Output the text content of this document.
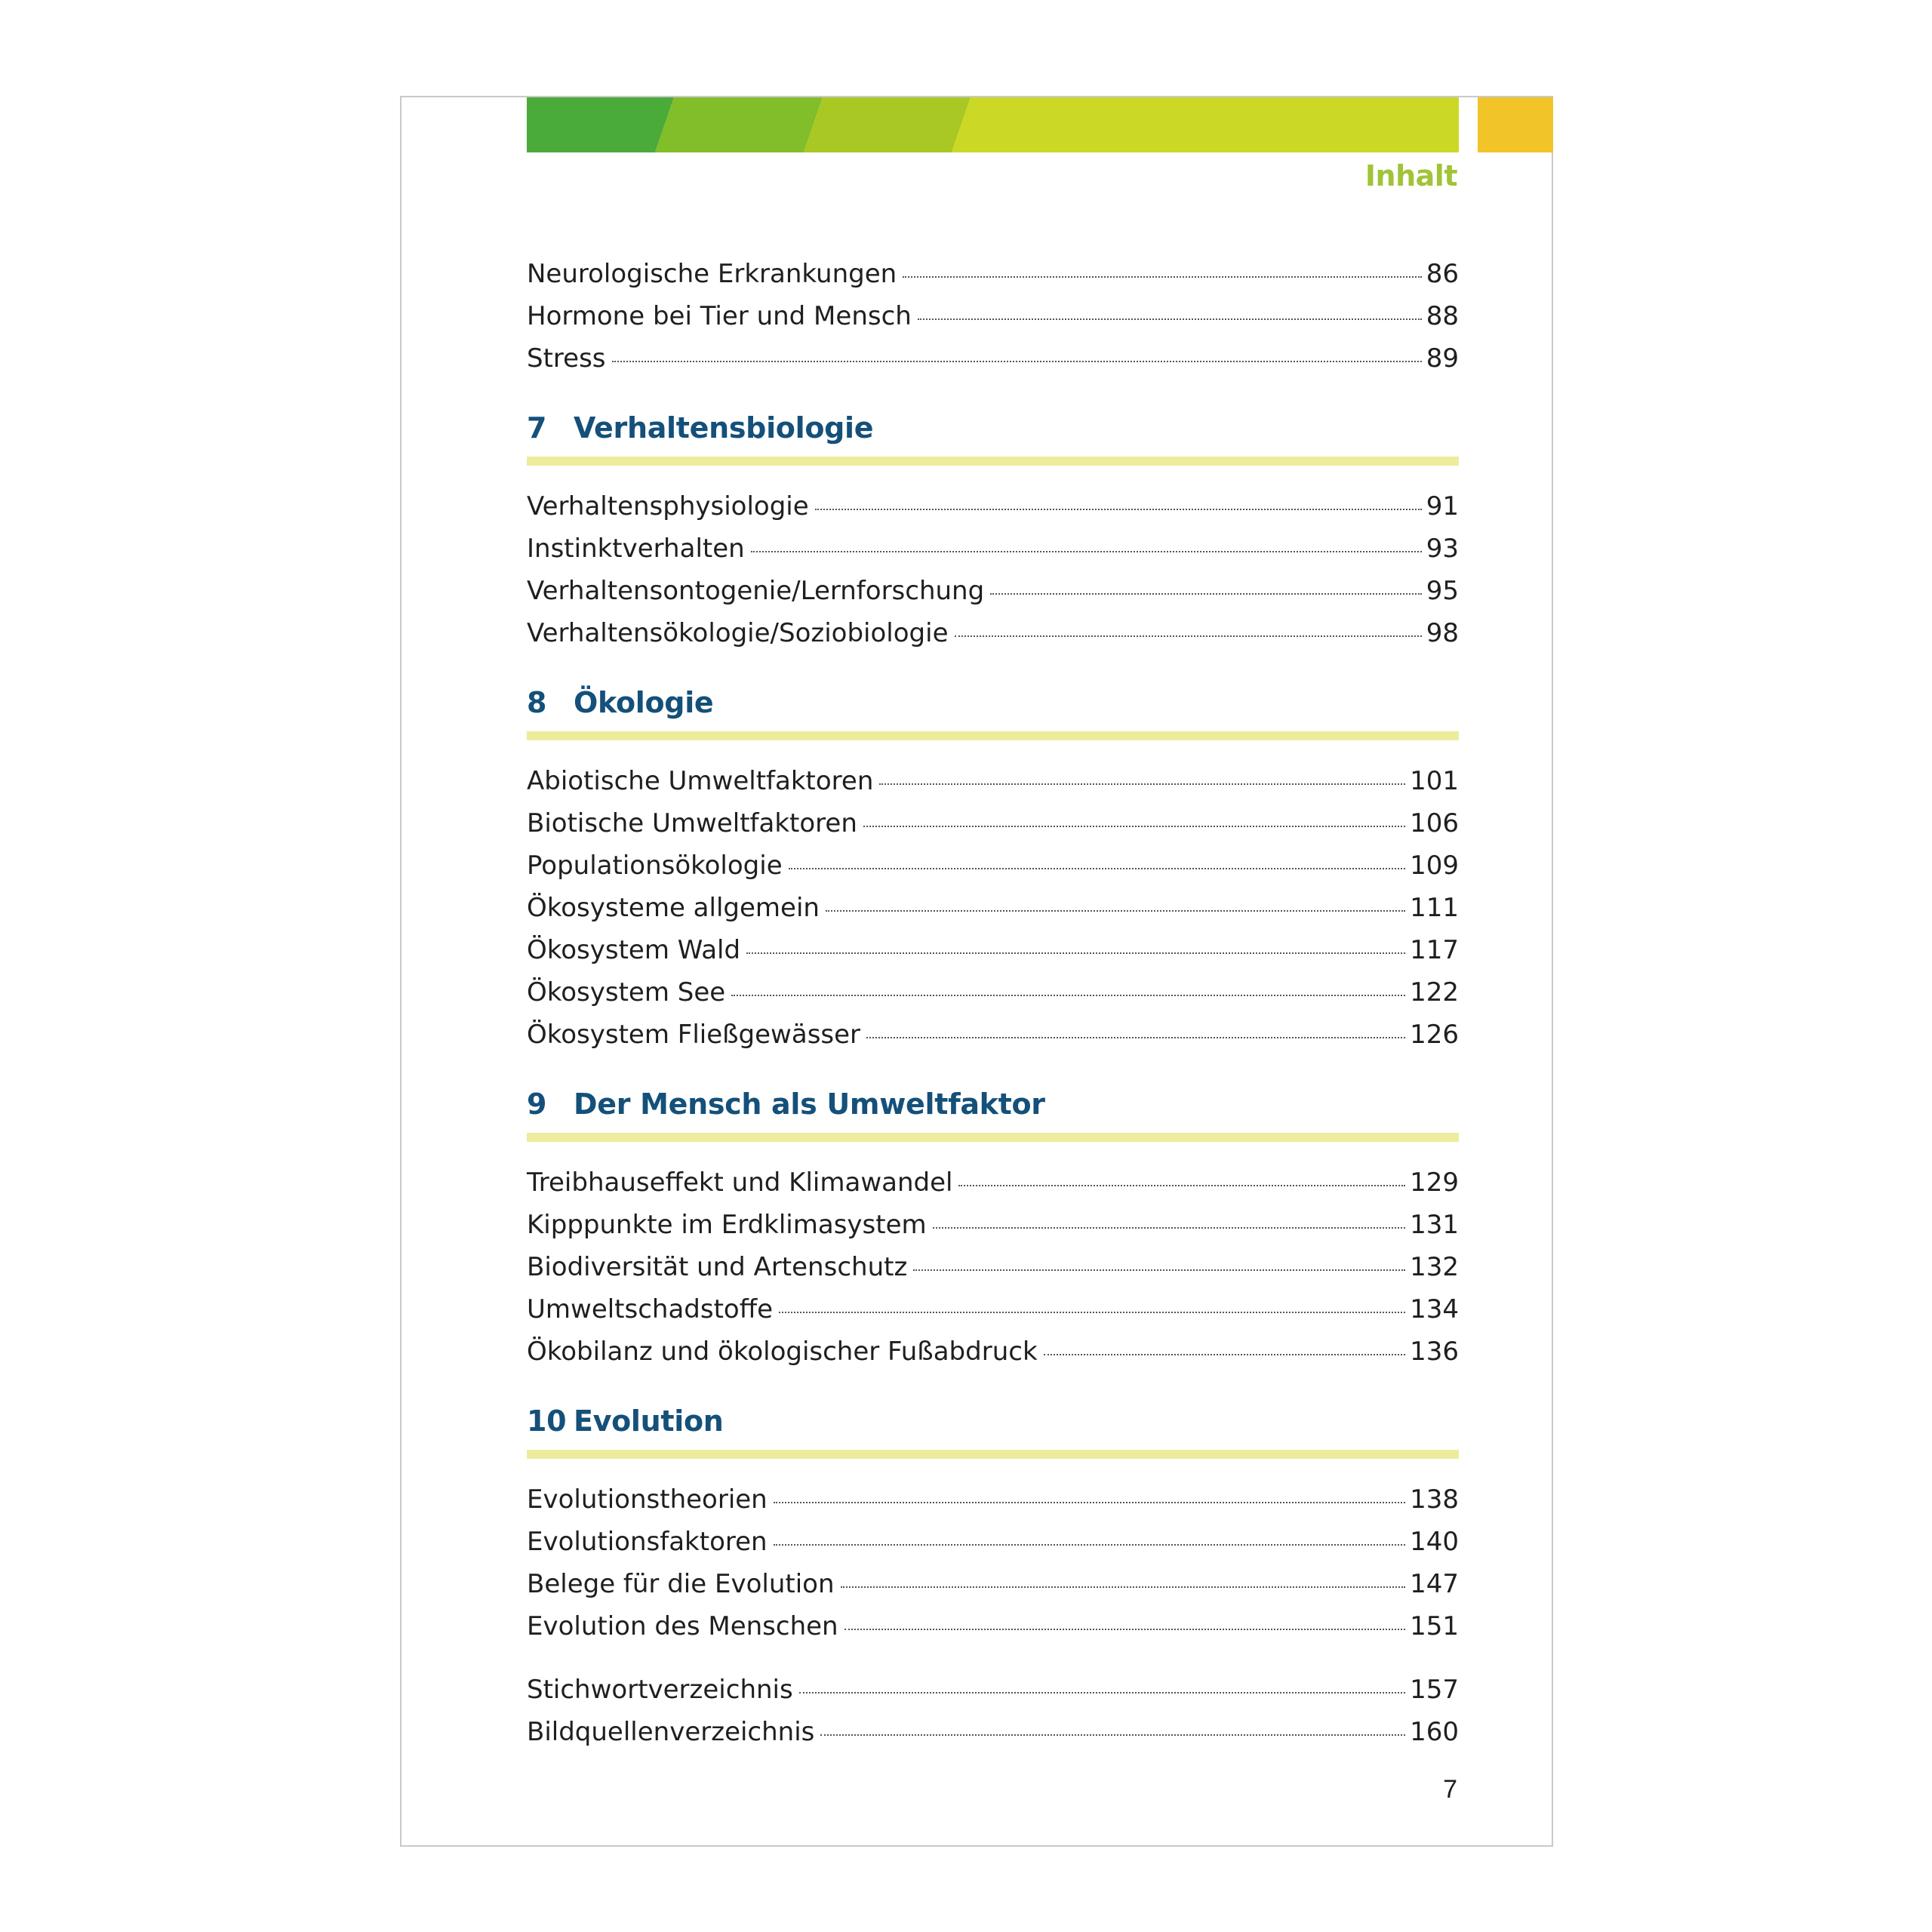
Inhalt
Neurologische Erkrankungen	86
Hormone bei Tier und Mensch	88
Stress	89
7 Verhaltensbiologie
Verhaltensphysiologie	91
Instinktverhalten	93
Verhaltensontogenie/Lernforschung	95
Verhaltensökologie/Soziobiologie	98
8 Ökologie
Abiotische Umweltfaktoren	101
Biotische Umweltfaktoren	106
Populationsökologie	109
Ökosysteme allgemein	111
Ökosystem Wald	117
Ökosystem See	122
Ökosystem Fließgewässer	126
9 Der Mensch als Umweltfaktor
Treibhauseffekt und Klimawandel	129
Kipppunkte im Erdklimasystem	131
Biodiversität und Artenschutz	132
Umweltschadstoffe	134
Ökobilanz und ökologischer Fußabdruck	136
10 Evolution
Evolutionstheorien	138
Evolutionsfaktoren	140
Belege für die Evolution	147
Evolution des Menschen	151
Stichwortverzeichnis	157
Bildquellenverzeichnis	160
7
